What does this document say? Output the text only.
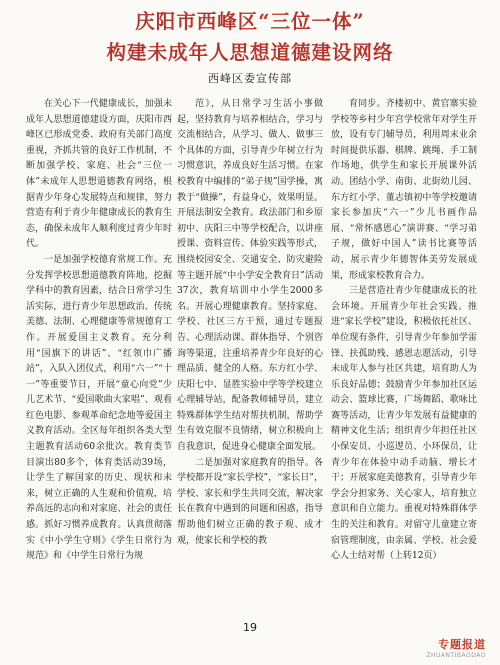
庆阳市西峰区“三位一体”
构建未成年人思想道德建设网络
西峰区委宣传部

在关心下一代健康成长，加强未成年人思想道德建设方面，庆阳市西峰区已形成党委、政府有关部门高度重视，齐抓共管的良好工作机制，不断加强学校、家庭、社会“三位一体”未成年人思想道德教育网络，根据青少年身心发展特点和规律，努力营造有利于青少年健康成长的教育生态，确保未成年人顺利度过青少年时代。

一是加强学校德育常规工作。充分发挥学校思想道德教育阵地，挖掘学科中的教育因素，结合日常学习生活实际，进行青少年思想政治、传统美德、法制、心理健康等常规德育工作。开展爱国主义教育。充分利用“国旗下的讲话”、“红领巾广播站”，入队入团仪式，利用“六一”“十一”等重要节日，开展“童心向党”少儿艺术节、“爱国歌曲大家唱”、观看红色电影、参观革命纪念地等爱国主义教育活动。全区每年组织各类大型主题教育活动60余批次。教育类节目演出80多个，体育类活动39场，让学生了解国家的历史、现状和未来，树立正确的人生观和价值观，培养高远的志向和对家庭、社会的责任感。抓好习惯养成教育。认真贯彻落实《中小学生守则》《学生日常行为规范》和《中学生日常行为规

范》，从日常学习生活小事做起，坚持教育与培养相结合，学习与交流相结合，从学习、做人、做事三个具体的方面，引导青少年树立行为习惯意识，养成良好生活习惯。在家校教育中编排的“弟子规”国学操，寓教于“做操”，有益身心，效果明显。开展法制安全教育。政法部门和乡原初中、庆阳三中等学校配合，以讲座授课、资料宣传、体验实践等形式，围绕校园安全、交通安全、防灾避险等主题开展“中小学安全教育日”活动37次，教育培训中小学生2000多名。开展心理健康教育。坚持家庭、学校、社区三方干预，通过专题报告、心理活动课、群体指导、个别咨询等渠道，注重培养青少年良好的心理品质、健全的人格。东方红小学、庆阳七中、显胜实验中学等学校建立心理辅导站，配备教师辅导员，建立特殊群体学生结对帮扶机制，帮助学生有效克服不良情绪，树立积极向上自我意识，促进身心健康全面发展。

二是加强对家庭教育的指导。各学校都开设“家长学校”，“家长日”，学校、家长和学生共同交流，解决家长在教育中遇到的问题和困惑，指导帮助他们树立正确的教子观、成才观，使家长和学校的教

育同步。齐楼初中、黄官寨实验学校等乡村少年宫学校常年对学生开放，设有专门辅导员，利用周末业余时间提供乐器、棋牌、跳绳、手工制作场地，供学生和家长开展课外活动。团结小学、南街、北街幼儿园、东方红小学、董志镇初中等学校邀请家长参加庆“六一”少儿书画作品展、“常怀感恩心”演讲赛、“学习弟子规，做好中国人”读书比赛等活动，展示青少年德智体美劳发展成果，形成家校教育合力。

三是营造社青少年健康成长的社会环境。开展青少年社会实践。推进“家长学校”建设，积极依托社区、单位现有条件，引导青少年参加学雷锋、扶孤助残、感恩志愿活动，引导未成年人参与社区共建，培育助人为乐良好品德；鼓励青少年参加社区运动会、篮球比赛，广场舞蹈、歌咏比赛等活动，让青少年发展有益健康的精神文化生活；组织青少年担任社区小保安员、小巡逻员、小环保员，让青少年在体验中动手动脑、增长才干；开展家庭美德教育，引导青少年学会分担家务、关心家人，培育独立意识和自立能力。重视对特殊群体学生的关注和教育。对留守儿童建立寄宿管理制度，由亲属、学校、社会爱心人士结对帮（上转12页）

19
专题报道
ZHUANTIBAODAO
